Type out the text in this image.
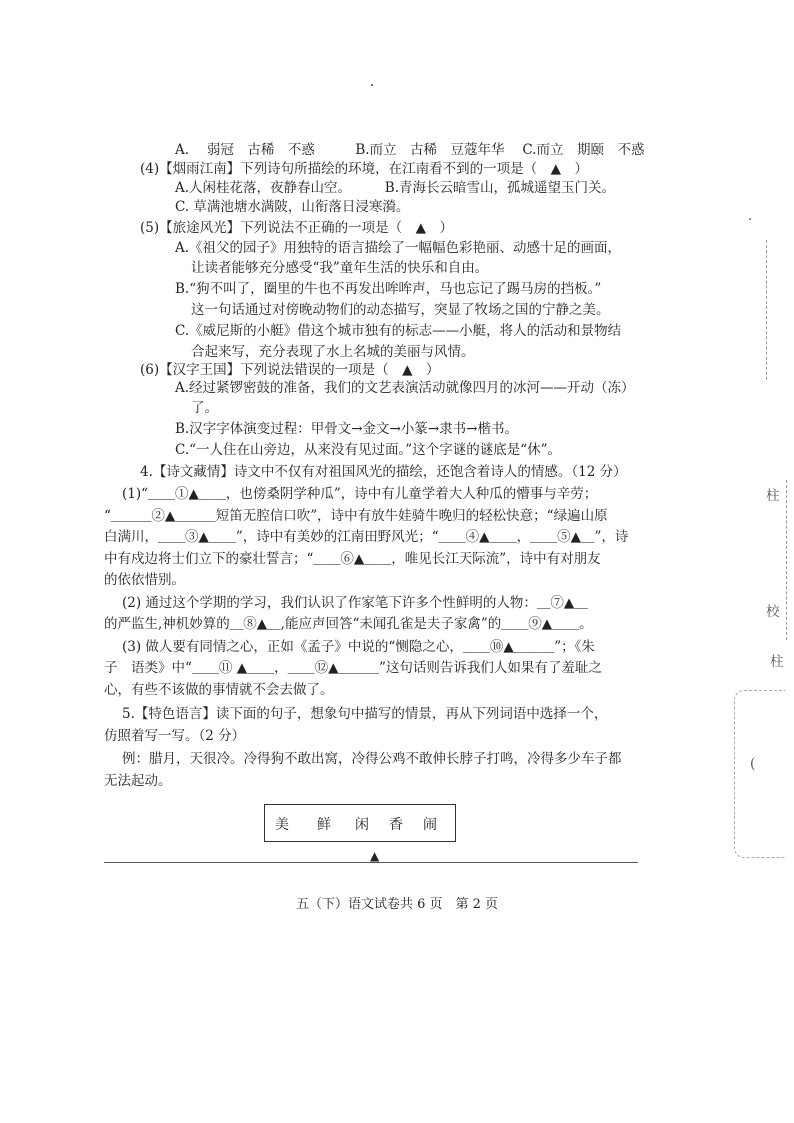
·
A.　 弱冠　古稀　不惑　　　B.而立　古稀　豆蔻年华　 C.而立　期颐　不惑
(4)【烟雨江南】下列诗句所描绘的环境，在江南看不到的一项是（　▲　）
A.人闲桂花落，夜静春山空。　　　B.青海长云暗雪山，孤城遥望玉门关。
C. 草满池塘水满陂，山衔落日浸寒漪。
(5)【旅途风光】下列说法不正确的一项是（　▲　）
A.《祖父的园子》用独特的语言描绘了一幅幅色彩艳丽、动感十足的画面，
让读者能够充分感受“我”童年生活的快乐和自由。
B.“狗不叫了，圈里的牛也不再发出哞哞声，马也忘记了踢马房的挡板。”
这一句话通过对傍晚动物们的动态描写，突显了牧场之国的宁静之美。
C.《威尼斯的小艇》借这个城市独有的标志——小艇，将人的活动和景物结
合起来写，充分表现了水上名城的美丽与风情。
(6)【汉字王国】下列说法错误的一项是（　▲　）
A.经过紧锣密鼓的准备，我们的文艺表演活动就像四月的冰河——开动（冻）
了。
B.汉字字体演变过程：甲骨文→金文→小篆→隶书→楷书。
C.“一人住在山旁边，从来没有见过面。”这个字谜的谜底是“休”。
4.【诗文藏情】诗文中不仅有对祖国风光的描绘，还饱含着诗人的情感。（12 分）
(1)“＿＿①▲＿＿，也傍桑阴学种瓜”，诗中有儿童学着大人种瓜的懵事与辛劳；
“＿＿＿②▲＿＿＿短笛无腔信口吹”，诗中有放牛娃骑牛晚归的轻松快意；“绿遍山原
白满川，＿＿③▲＿＿”，诗中有美妙的江南田野风光；“＿＿④▲＿＿，＿＿⑤▲＿”，诗
中有戍边将士们立下的豪壮誓言；“＿＿⑥▲＿＿，唯见长江天际流”，诗中有对朋友
的依依惜别。
(2) 通过这个学期的学习，我们认识了作家笔下许多个性鲜明的人物：＿⑦▲＿
的严监生,神机妙算的＿⑧▲＿,能应声回答“未闻孔雀是夫子家禽”的＿＿⑨▲＿＿。
(3) 做人要有同情之心，正如《孟子》中说的“恻隐之心，＿＿⑩▲＿＿＿”；《朱
子　语类》中“＿＿⑪ ▲＿＿，＿＿⑫▲＿＿＿”这句话则告诉我们人如果有了羞耻之
心，有些不该做的事情就不会去做了。
5.【特色语言】读下面的句子，想象句中描写的情景，再从下列词语中选择一个，
仿照着写一写。（2 分）
例：腊月，天很冷。冷得狗不敢出窝，冷得公鸡不敢伸长脖子打鸣，冷得多少车子都
无法起动。
美 鲜 闲 香 闹
▲
五（下）语文试卷共 6 页　第 2 页
·
柱
校
柱
(
